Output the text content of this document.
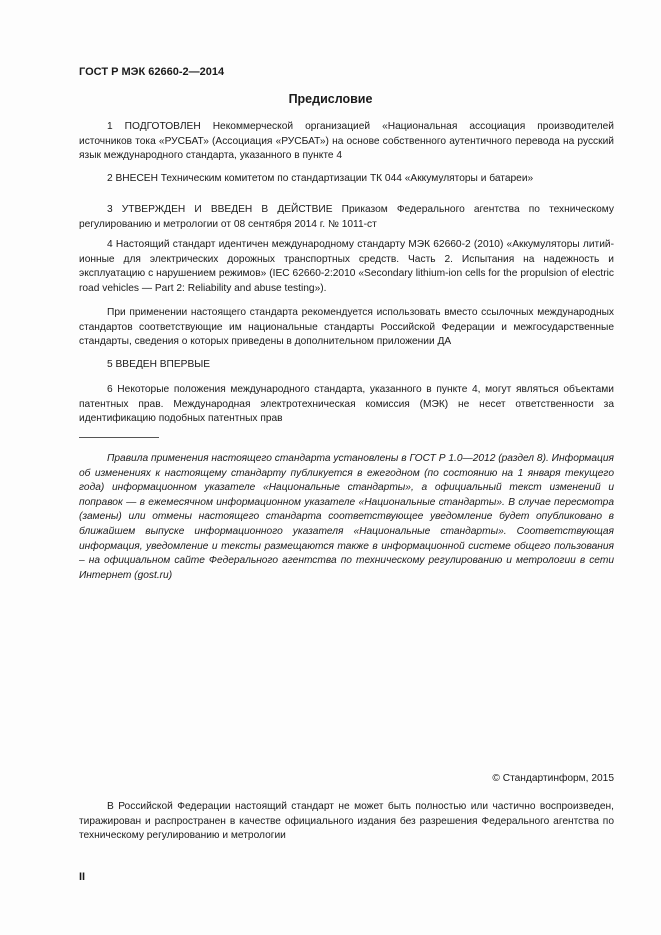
ГОСТ Р МЭК 62660-2—2014
Предисловие

1 ПОДГОТОВЛЕН Некоммерческой организацией «Национальная ассоциация производителей источников тока «РУСБАТ» (Ассоциация «РУСБАТ») на основе собственного аутентичного перевода на русский язык международного стандарта, указанного в пункте 4

2 ВНЕСЕН Техническим комитетом по стандартизации ТК 044 «Аккумуляторы и батареи»

3 УТВЕРЖДЕН И ВВЕДЕН В ДЕЙСТВИЕ Приказом Федерального агентства по техническому регулированию и метрологии от 08 сентября 2014 г. № 1011-ст

4 Настоящий стандарт идентичен международному стандарту МЭК 62660-2 (2010) «Аккумуляторы литий-ионные для электрических дорожных транспортных средств. Часть 2. Испытания на надежность и эксплуатацию с нарушением режимов» (IEC 62660-2:2010 «Secondary lithium-ion cells for the propulsion of electric road vehicles — Part 2: Reliability and abuse testing»).

При применении настоящего стандарта рекомендуется использовать вместо ссылочных международных стандартов соответствующие им национальные стандарты Российской Федерации и межгосударственные стандарты, сведения о которых приведены в дополнительном приложении ДА

5 ВВЕДЕН ВПЕРВЫЕ

6 Некоторые положения международного стандарта, указанного в пункте 4, могут являться объектами патентных прав. Международная электротехническая комиссия (МЭК) не несет ответственности за идентификацию подобных патентных прав

Правила применения настоящего стандарта установлены в ГОСТ Р 1.0—2012 (раздел 8). Информация об изменениях к настоящему стандарту публикуется в ежегодном (по состоянию на 1 января текущего года) информационном указателе «Национальные стандарты», а официальный текст изменений и поправок — в ежемесячном информационном указателе «Национальные стандарты». В случае пересмотра (замены) или отмены настоящего стандарта соответствующее уведомление будет опубликовано в ближайшем выпуске информационного указателя «Национальные стандарты». Соответствующая информация, уведомление и тексты размещаются также в информационной системе общего пользования – на официальном сайте Федерального агентства по техническому регулированию и метрологии в сети Интернет (gost.ru)

© Стандартинформ, 2015

В Российской Федерации настоящий стандарт не может быть полностью или частично воспроизведен, тиражирован и распространен в качестве официального издания без разрешения Федерального агентства по техническому регулированию и метрологии

II
